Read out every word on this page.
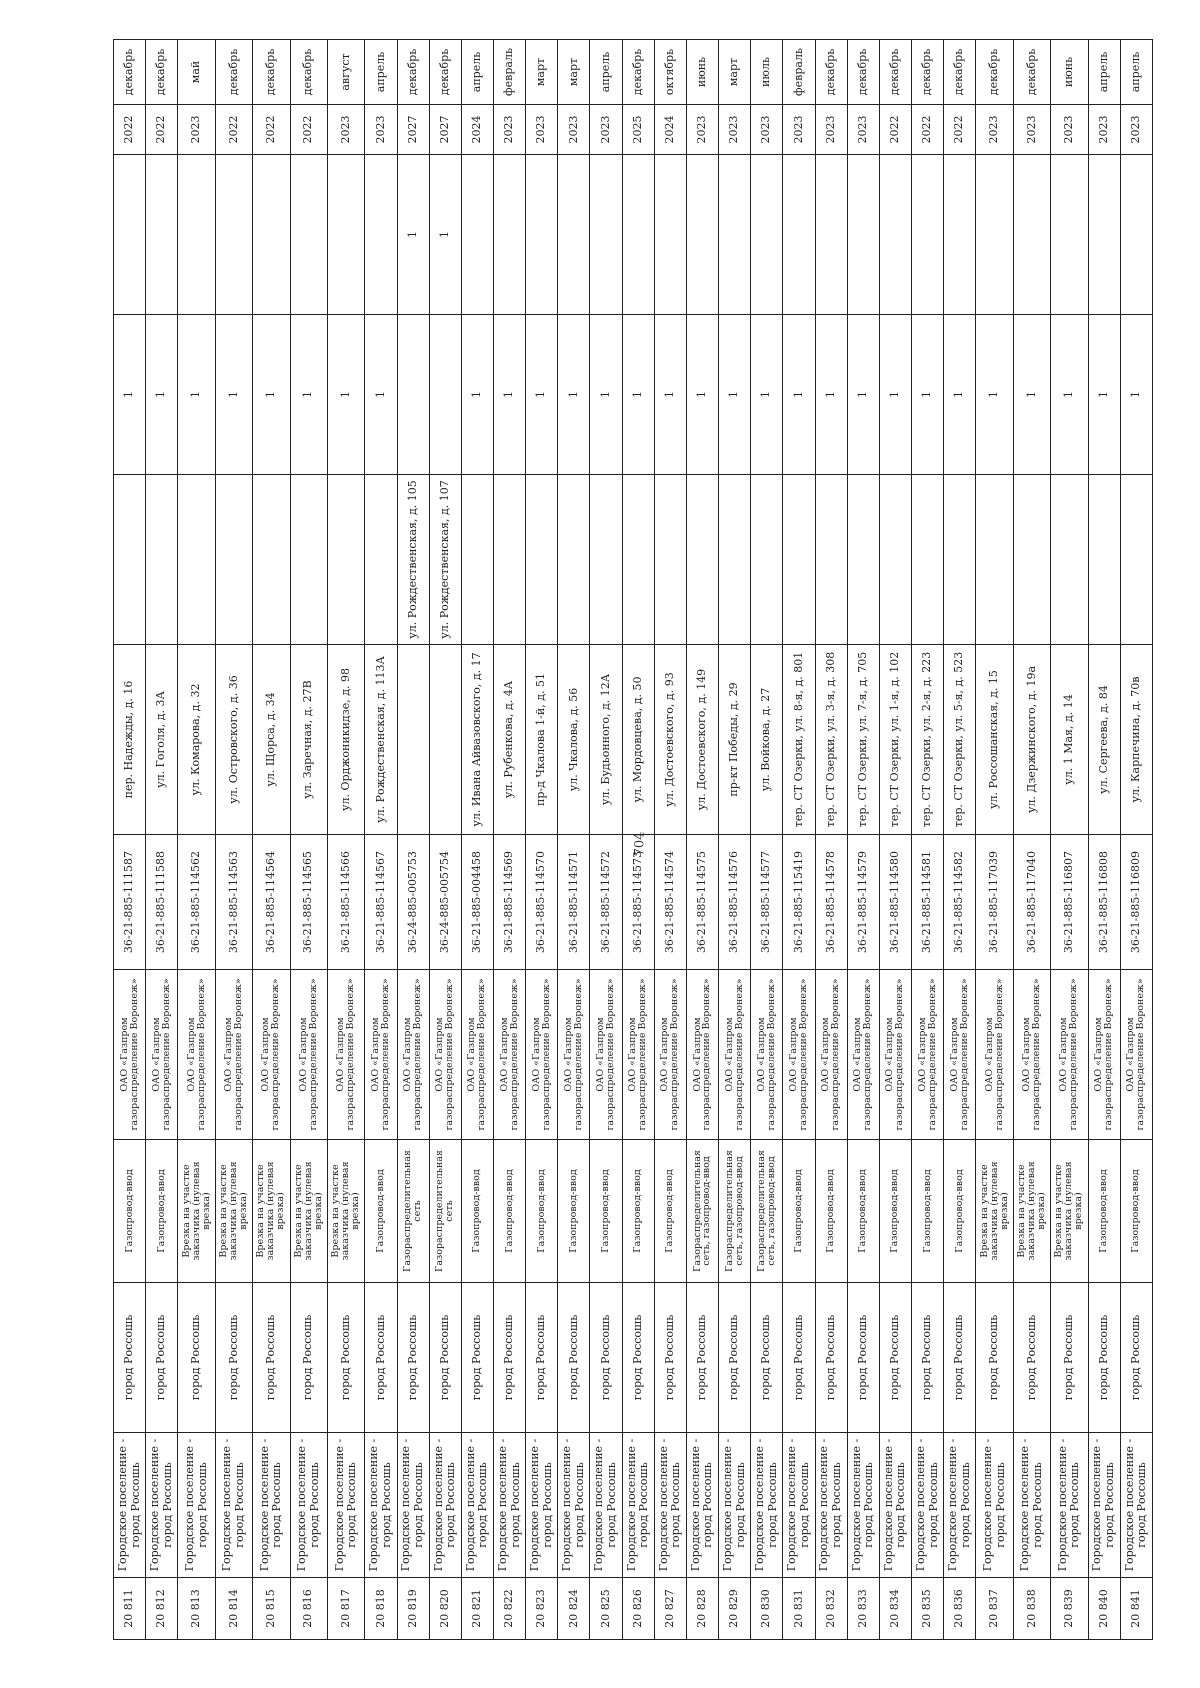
704
20 811	Городское поселение - город Россошь	город Россошь	Газопровод-ввод	ОАО «Газпром газораспределение Воронеж»	36-21-885-111587	пер. Надежды, д. 16		1		2022	декабрь
20 812	Городское поселение - город Россошь	город Россошь	Газопровод-ввод	ОАО «Газпром газораспределение Воронеж»	36-21-885-111588	ул. Гоголя, д. 3А		1		2022	декабрь
20 813	Городское поселение - город Россошь	город Россошь	Врезка на участке заказчика (нулевая врезка)	ОАО «Газпром газораспределение Воронеж»	36-21-885-114562	ул. Комарова, д. 32		1		2023	май
20 814	Городское поселение - город Россошь	город Россошь	Врезка на участке заказчика (нулевая врезка)	ОАО «Газпром газораспределение Воронеж»	36-21-885-114563	ул. Островского, д. 36		1		2022	декабрь
20 815	Городское поселение - город Россошь	город Россошь	Врезка на участке заказчика (нулевая врезка)	ОАО «Газпром газораспределение Воронеж»	36-21-885-114564	ул. Щорса, д. 34		1		2022	декабрь
20 816	Городское поселение - город Россошь	город Россошь	Врезка на участке заказчика (нулевая врезка)	ОАО «Газпром газораспределение Воронеж»	36-21-885-114565	ул. Заречная, д. 27В		1		2022	декабрь
20 817	Городское поселение - город Россошь	город Россошь	Врезка на участке заказчика (нулевая врезка)	ОАО «Газпром газораспределение Воронеж»	36-21-885-114566	ул. Орджоникидзе, д. 98		1		2023	август
20 818	Городское поселение - город Россошь	город Россошь	Газопровод-ввод	ОАО «Газпром газораспределение Воронеж»	36-21-885-114567	ул. Рождественская, д. 113А		1		2023	апрель
20 819	Городское поселение - город Россошь	город Россошь	Газораспределительная сеть	ОАО «Газпром газораспределение Воронеж»	36-24-885-005753		ул. Рождественская, д. 105		1	2027	декабрь
20 820	Городское поселение - город Россошь	город Россошь	Газораспределительная сеть	ОАО «Газпром газораспределение Воронеж»	36-24-885-005754		ул. Рождественская, д. 107		1	2027	декабрь
20 821	Городское поселение - город Россошь	город Россошь	Газопровод-ввод	ОАО «Газпром газораспределение Воронеж»	36-21-885-004458	ул. Ивана Айвазовского, д. 17		1		2024	апрель
20 822	Городское поселение - город Россошь	город Россошь	Газопровод-ввод	ОАО «Газпром газораспределение Воронеж»	36-21-885-114569	ул. Рубенкова, д. 4А		1		2023	февраль
20 823	Городское поселение - город Россошь	город Россошь	Газопровод-ввод	ОАО «Газпром газораспределение Воронеж»	36-21-885-114570	пр-д Чкалова 1-й, д. 51		1		2023	март
20 824	Городское поселение - город Россошь	город Россошь	Газопровод-ввод	ОАО «Газпром газораспределение Воронеж»	36-21-885-114571	ул. Чкалова, д. 56		1		2023	март
20 825	Городское поселение - город Россошь	город Россошь	Газопровод-ввод	ОАО «Газпром газораспределение Воронеж»	36-21-885-114572	ул. Будьонного, д. 12А		1		2023	апрель
20 826	Городское поселение - город Россошь	город Россошь	Газопровод-ввод	ОАО «Газпром газораспределение Воронеж»	36-21-885-114573	ул. Мордовцева, д. 50		1		2025	декабрь
20 827	Городское поселение - город Россошь	город Россошь	Газопровод-ввод	ОАО «Газпром газораспределение Воронеж»	36-21-885-114574	ул. Достоевского, д. 93		1		2024	октябрь
20 828	Городское поселение - город Россошь	город Россошь	Газораспределительная сеть, газопровод-ввод	ОАО «Газпром газораспределение Воронеж»	36-21-885-114575	ул. Достоевского, д. 149		1		2023	июнь
20 829	Городское поселение - город Россошь	город Россошь	Газораспределительная сеть, газопровод-ввод	ОАО «Газпром газораспределение Воронеж»	36-21-885-114576	пр-кт Победы, д. 29		1		2023	март
20 830	Городское поселение - город Россошь	город Россошь	Газораспределительная сеть, газопровод-ввод	ОАО «Газпром газораспределение Воронеж»	36-21-885-114577	ул. Войкова, д. 27		1		2023	июль
20 831	Городское поселение - город Россошь	город Россошь	Газопровод-ввод	ОАО «Газпром газораспределение Воронеж»	36-21-885-115419	тер. СТ Озерки, ул. 8-я, д. 801		1		2023	февраль
20 832	Городское поселение - город Россошь	город Россошь	Газопровод-ввод	ОАО «Газпром газораспределение Воронеж»	36-21-885-114578	тер. СТ Озерки, ул. 3-я, д. 308		1		2023	декабрь
20 833	Городское поселение - город Россошь	город Россошь	Газопровод-ввод	ОАО «Газпром газораспределение Воронеж»	36-21-885-114579	тер. СТ Озерки, ул. 7-я, д. 705		1		2023	декабрь
20 834	Городское поселение - город Россошь	город Россошь	Газопровод-ввод	ОАО «Газпром газораспределение Воронеж»	36-21-885-114580	тер. СТ Озерки, ул. 1-я, д. 102		1		2022	декабрь
20 835	Городское поселение - город Россошь	город Россошь	Газопровод-ввод	ОАО «Газпром газораспределение Воронеж»	36-21-885-114581	тер. СТ Озерки, ул. 2-я, д. 223		1		2022	декабрь
20 836	Городское поселение - город Россошь	город Россошь	Газопровод-ввод	ОАО «Газпром газораспределение Воронеж»	36-21-885-114582	тер. СТ Озерки, ул. 5-я, д. 523		1		2022	декабрь
20 837	Городское поселение - город Россошь	город Россошь	Врезка на участке заказчика (нулевая врезка)	ОАО «Газпром газораспределение Воронеж»	36-21-885-117039	ул. Россошанская, д. 15		1		2023	декабрь
20 838	Городское поселение - город Россошь	город Россошь	Врезка на участке заказчика (нулевая врезка)	ОАО «Газпром газораспределение Воронеж»	36-21-885-117040	ул. Дзержинского, д. 19а		1		2023	декабрь
20 839	Городское поселение - город Россошь	город Россошь	Врезка на участке заказчика (нулевая врезка)	ОАО «Газпром газораспределение Воронеж»	36-21-885-116807	ул. 1 Мая, д. 14		1		2023	июнь
20 840	Городское поселение - город Россошь	город Россошь	Газопровод-ввод	ОАО «Газпром газораспределение Воронеж»	36-21-885-116808	ул. Сергеева, д. 84		1		2023	апрель
20 841	Городское поселение - город Россошь	город Россошь	Газопровод-ввод	ОАО «Газпром газораспределение Воронеж»	36-21-885-116809	ул. Карпечина, д. 70в		1		2023	апрель
